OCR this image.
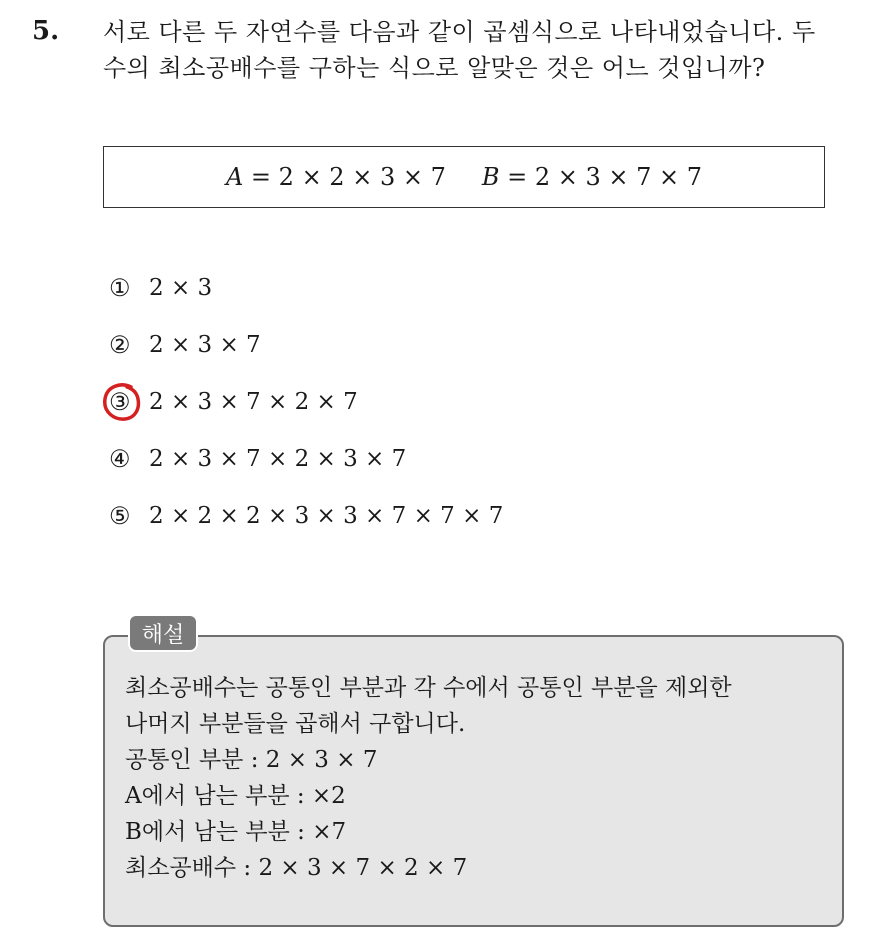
5. 서로 다른 두 자연수를 다음과 같이 곱셈식으로 나타내었습니다. 두
수의 최소공배수를 구하는 식으로 알맞은 것은 어느 것입니까?
A = 2 × 2 × 3 × 7 B = 2 × 3 × 7 × 7
① 2 × 3
② 2 × 3 × 7
③ 2 × 3 × 7 × 2 × 7
④ 2 × 3 × 7 × 2 × 3 × 7
⑤ 2 × 2 × 2 × 3 × 3 × 7 × 7 × 7
해설
최소공배수는 공통인 부분과 각 수에서 공통인 부분을 제외한
나머지 부분들을 곱해서 구합니다.
공통인 부분 : 2 × 3 × 7
A에서 남는 부분 : ×2
B에서 남는 부분 : ×7
최소공배수 : 2 × 3 × 7 × 2 × 7
